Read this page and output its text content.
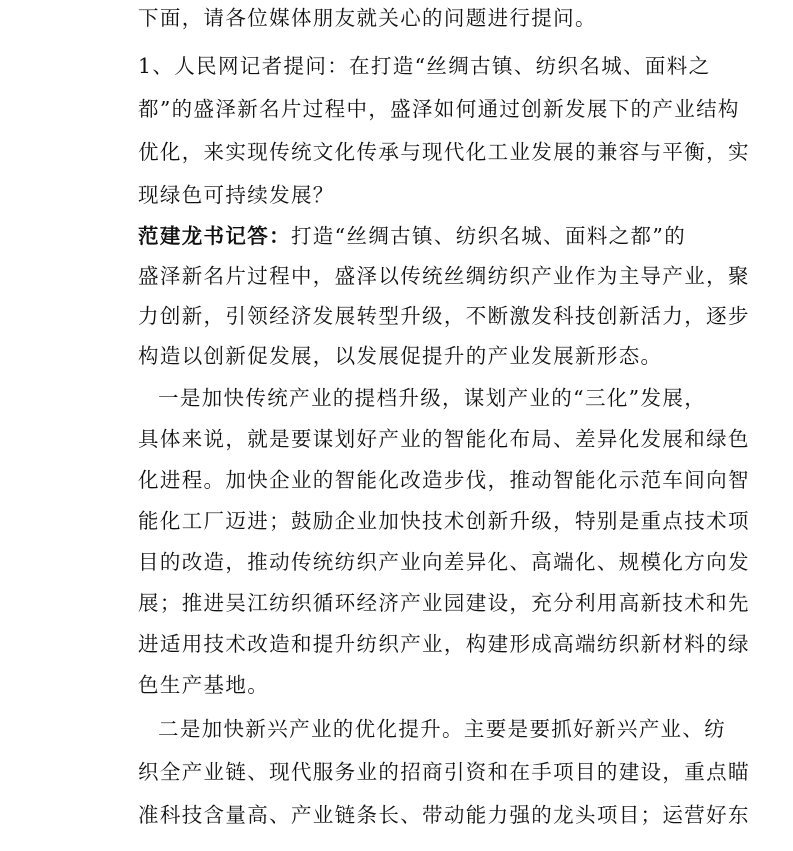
下面，请各位媒体朋友就关心的问题进行提问。
1、人民网记者提问：在打造“丝绸古镇、纺织名城、面料之
都”的盛泽新名片过程中，盛泽如何通过创新发展下的产业结构
优化，来实现传统文化传承与现代化工业发展的兼容与平衡，实
现绿色可持续发展？
范建龙书记答：打造“丝绸古镇、纺织名城、面料之都”的
盛泽新名片过程中，盛泽以传统丝绸纺织产业作为主导产业，聚
力创新，引领经济发展转型升级，不断激发科技创新活力，逐步
构造以创新促发展，以发展促提升的产业发展新形态。
一是加快传统产业的提档升级，谋划产业的“三化”发展，
具体来说，就是要谋划好产业的智能化布局、差异化发展和绿色
化进程。加快企业的智能化改造步伐，推动智能化示范车间向智
能化工厂迈进；鼓励企业加快技术创新升级，特别是重点技术项
目的改造，推动传统纺织产业向差异化、高端化、规模化方向发
展；推进吴江纺织循环经济产业园建设，充分利用高新技术和先
进适用技术改造和提升纺织产业，构建形成高端纺织新材料的绿
色生产基地。
二是加快新兴产业的优化提升。主要是要抓好新兴产业、纺
织全产业链、现代服务业的招商引资和在手项目的建设，重点瞄
准科技含量高、产业链条长、带动能力强的龙头项目；运营好东
